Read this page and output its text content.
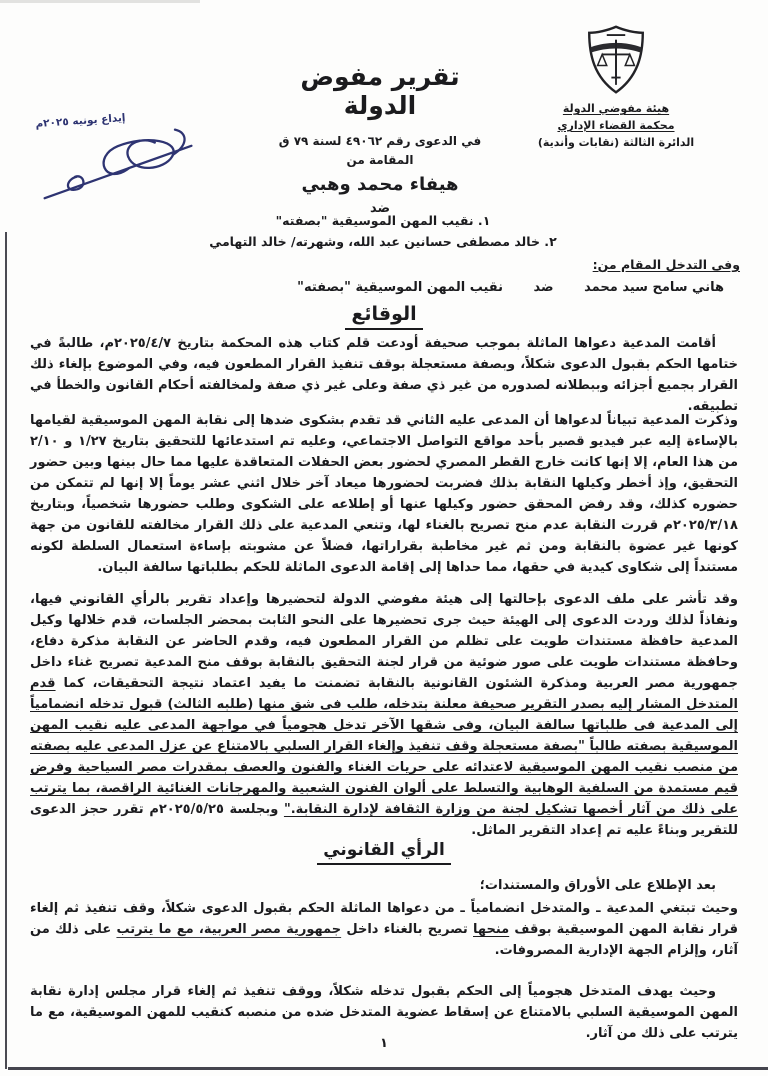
هيئة مفوضي الدولة
محكمة القضاء الإداري
الدائرة الثالثة (نقابات وأندية)
تقرير مفوض الدولة
في الدعوى رقم ٤٩٠٦٢ لسنة ٧٩ ق
المقامة من
هيفاء محمد وهبي
ضد
١. نقيب المهن الموسيقية "بصفته"
٢. خالد مصطفى حسانين عبد الله، وشهرته/ خالد التهامي
إيداع يونيه ٢٠٢٥م
وفى التدخل المقام من:
هاني سامح سيد محمد ضد نقيب المهن الموسيقية "بصفته"
الوقائع

أقامت المدعية دعواها الماثلة بموجب صحيفة أودعت قلم كتاب هذه المحكمة بتاريخ ٢٠٢٥/٤/٧م، طالبةً في ختامها الحكم بقبول الدعوى شكلاً، وبصفة مستعجلة بوقف تنفيذ القرار المطعون فيه، وفي الموضوع بإلغاء ذلك القرار بجميع أجزائه وببطلانه لصدوره من غير ذي صفة وعلى غير ذي صفة ولمخالفته أحكام القانون والخطأ في تطبيقه.

وذكرت المدعية تبياناً لدعواها أن المدعى عليه الثاني قد تقدم بشكوى ضدها إلى نقابة المهن الموسيقية لقيامها بالإساءة إليه عبر فيديو قصير بأحد مواقع التواصل الاجتماعي، وعليه تم استدعائها للتحقيق بتاريخ ١/٢٧ و ٢/١٠ من هذا العام، إلا إنها كانت خارج القطر المصري لحضور بعض الحفلات المتعاقدة عليها مما حال بينها وبين حضور التحقيق، وإذ أخطر وكيلها النقابة بذلك فضربت لحضورها ميعاد آخر خلال اثني عشر يوماً إلا إنها لم تتمكن من حضوره كذلك، وقد رفض المحقق حضور وكيلها عنها أو إطلاعه على الشكوى وطلب حضورها شخصياً، وبتاريخ ٢٠٢٥/٣/١٨م قررت النقابة عدم منح تصريح بالغناء لها، وتنعي المدعية على ذلك القرار مخالفته للقانون من جهة كونها غير عضوة بالنقابة ومن ثم غير مخاطبة بقراراتها، فضلاً عن مشوبته بإساءة استعمال السلطة لكونه مستنداً إلى شكاوى كيدية في حقها، مما حداها إلى إقامة الدعوى الماثلة للحكم بطلباتها سالفة البيان.

وقد تأشر على ملف الدعوى بإحالتها إلى هيئة مفوضي الدولة لتحضيرها وإعداد تقرير بالرأي القانوني فيها، ونفاذاً لذلك وردت الدعوى إلى الهيئة حيث جرى تحضيرها على النحو الثابت بمحضر الجلسات، قدم خلالها وكيل المدعية حافظة مستندات طويت على تظلم من القرار المطعون فيه، وقدم الحاضر عن النقابة مذكرة دفاع، وحافظة مستندات طويت على صور ضوئية من قرار لجنة التحقيق بالنقابة بوقف منح المدعية تصريح غناء داخل جمهورية مصر العربية ومذكرة الشئون القانونية بالنقابة تضمنت ما يفيد اعتماد نتيجة التحقيقات، كما قدم المتدخل المشار إليه بصدر التقرير صحيفة معلنة بتدخله، طلب فى شق منها (طلبه الثالث) قبول تدخله انضمامياً إلى المدعية فى طلباتها سالفة البيان، وفى شقها الآخر تدخل هجومياً في مواجهة المدعى عليه نقيب المهن الموسيقية بصفته طالباً "بصفة مستعجلة وقف تنفيذ وإلغاء القرار السلبي بالامتناع عن عزل المدعى عليه بصفته من منصب نقيب المهن الموسيقية لاعتدائه على حريات الغناء والفنون والعصف بمقدرات مصر السياحية وفرض قيم مستمدة من السلفية الوهابية والتسلط على ألوان الفنون الشعبية والمهرجانات الغنائية الراقصة، بما يترتب على ذلك من آثار أخصها تشكيل لجنة من وزارة الثقافة لإدارة النقابة." وبجلسة ٢٠٢٥/٥/٢٥م تقرر حجز الدعوى للتقرير وبناءً عليه تم إعداد التقرير الماثل.

الرأي القانوني

بعد الإطلاع على الأوراق والمستندات؛

وحيث تبتغي المدعية ـ والمتدخل انضمامياً ـ من دعواها الماثلة الحكم بقبول الدعوى شكلاً، وقف تنفيذ ثم إلغاء قرار نقابة المهن الموسيقية بوقف منحها تصريح بالغناء داخل جمهورية مصر العربية، مع ما يترتب على ذلك من آثار، وإلزام الجهة الإدارية المصروفات.

وحيث يهدف المتدخل هجومياً إلى الحكم بقبول تدخله شكلاً، ووقف تنفيذ ثم إلغاء قرار مجلس إدارة نقابة المهن الموسيقية السلبي بالامتناع عن إسقاط عضوية المتدخل ضده من منصبه كنقيب للمهن الموسيقية، مع ما يترتب على ذلك من آثار.

١
